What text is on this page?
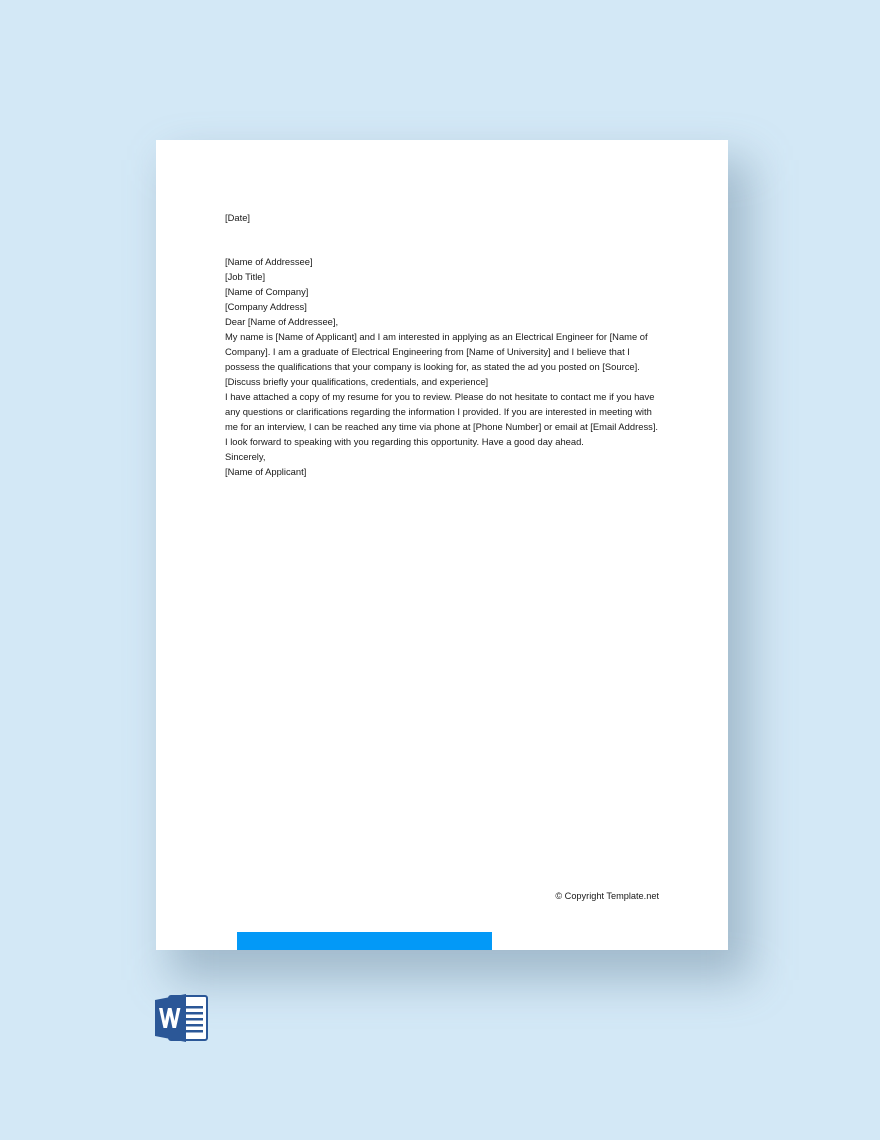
[Date]

[Name of Addressee]

[Job Title]

[Name of Company]

[Company Address]

Dear [Name of Addressee],

My name is [Name of Applicant] and I am interested in applying as an Electrical Engineer for [Name of Company]. I am a graduate of Electrical Engineering from [Name of University] and I believe that I possess the qualifications that your company is looking for, as stated the ad you posted on [Source].

[Discuss briefly your qualifications, credentials, and experience]

I have attached a copy of my resume for you to review. Please do not hesitate to contact me if you have any questions or clarifications regarding the information I provided. If you are interested in meeting with me for an interview, I can be reached any time via phone at [Phone Number] or email at [Email Address].

I look forward to speaking with you regarding this opportunity. Have a good day ahead.

Sincerely,

[Name of Applicant]

© Copyright Template.net
